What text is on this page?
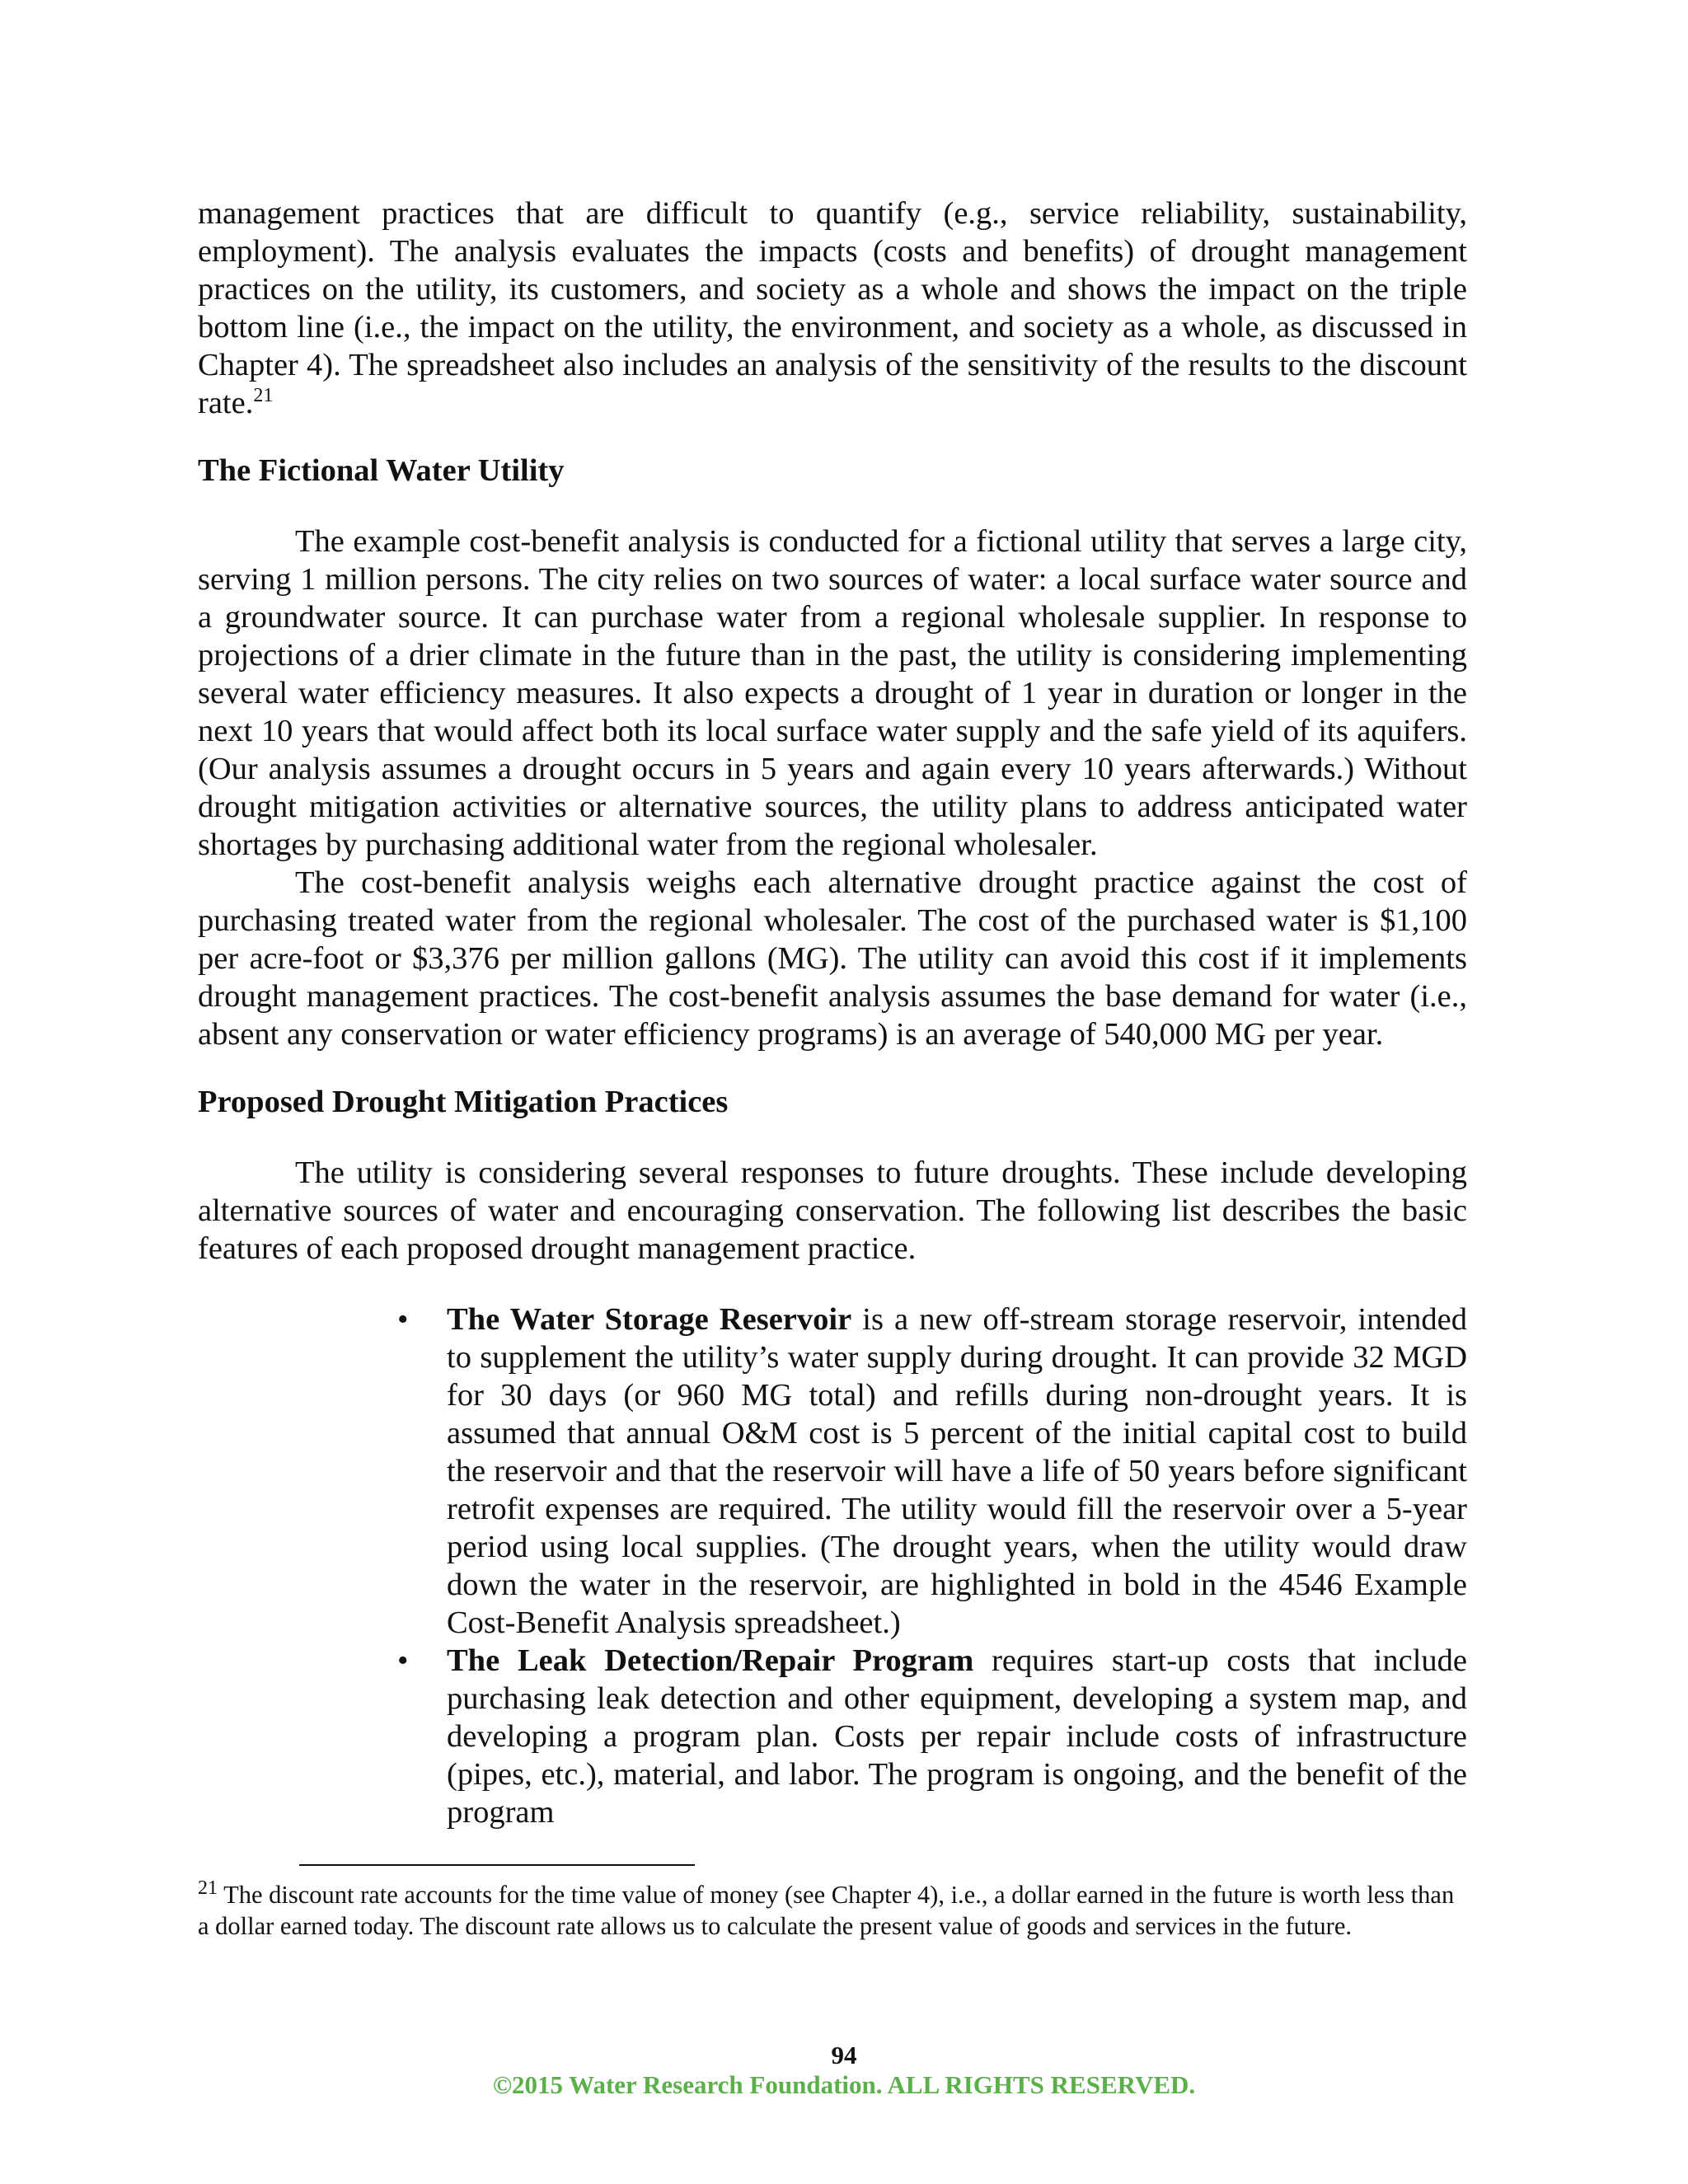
management practices that are difficult to quantify (e.g., service reliability, sustainability, employment). The analysis evaluates the impacts (costs and benefits) of drought management practices on the utility, its customers, and society as a whole and shows the impact on the triple bottom line (i.e., the impact on the utility, the environment, and society as a whole, as discussed in Chapter 4). The spreadsheet also includes an analysis of the sensitivity of the results to the discount rate.$^{21}$

The Fictional Water Utility

The example cost-benefit analysis is conducted for a fictional utility that serves a large city, serving 1 million persons. The city relies on two sources of water: a local surface water source and a groundwater source. It can purchase water from a regional wholesale supplier. In response to projections of a drier climate in the future than in the past, the utility is considering implementing several water efficiency measures. It also expects a drought of 1 year in duration or longer in the next 10 years that would affect both its local surface water supply and the safe yield of its aquifers. (Our analysis assumes a drought occurs in 5 years and again every 10 years afterwards.) Without drought mitigation activities or alternative sources, the utility plans to address anticipated water shortages by purchasing additional water from the regional wholesaler.

The cost-benefit analysis weighs each alternative drought practice against the cost of purchasing treated water from the regional wholesaler. The cost of the purchased water is $1,100 per acre-foot or $3,376 per million gallons (MG). The utility can avoid this cost if it implements drought management practices. The cost-benefit analysis assumes the base demand for water (i.e., absent any conservation or water efficiency programs) is an average of 540,000 MG per year.

Proposed Drought Mitigation Practices

The utility is considering several responses to future droughts. These include developing alternative sources of water and encouraging conservation. The following list describes the basic features of each proposed drought management practice.

• The Water Storage Reservoir is a new off-stream storage reservoir, intended to supplement the utility’s water supply during drought. It can provide 32 MGD for 30 days (or 960 MG total) and refills during non-drought years. It is assumed that annual O&M cost is 5 percent of the initial capital cost to build the reservoir and that the reservoir will have a life of 50 years before significant retrofit expenses are required. The utility would fill the reservoir over a 5-year period using local supplies. (The drought years, when the utility would draw down the water in the reservoir, are highlighted in bold in the 4546 Example Cost-Benefit Analysis spreadsheet.)
• The Leak Detection/Repair Program requires start-up costs that include purchasing leak detection and other equipment, developing a system map, and developing a program plan. Costs per repair include costs of infrastructure (pipes, etc.), material, and labor. The program is ongoing, and the benefit of the program
$^{21}$ The discount rate accounts for the time value of money (see Chapter 4), i.e., a dollar earned in the future is worth less than a dollar earned today. The discount rate allows us to calculate the present value of goods and services in the future.
94
©2015 Water Research Foundation. ALL RIGHTS RESERVED.
